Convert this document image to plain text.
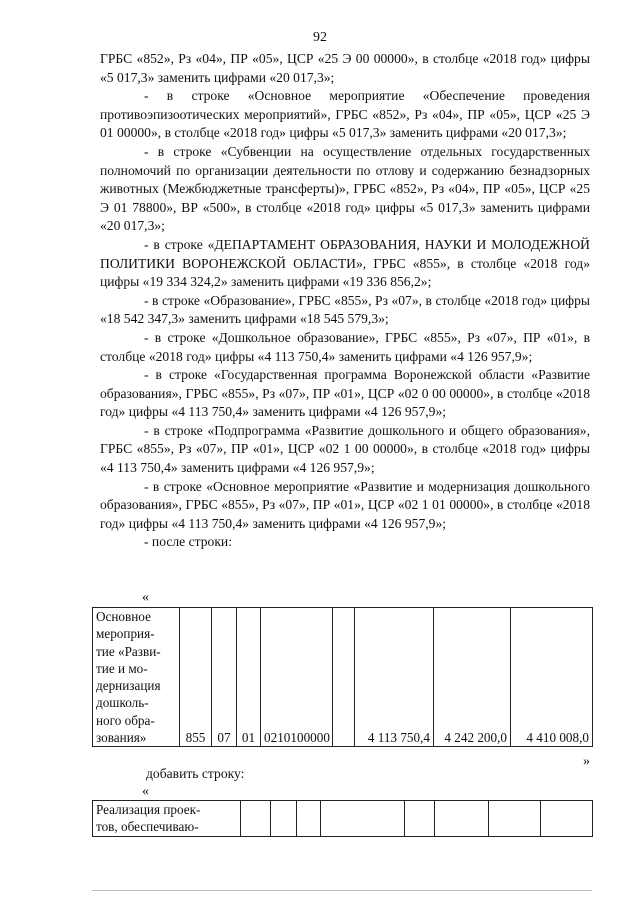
92

ГРБС «852», Рз «04», ПР «05», ЦСР «25 Э 00 00000», в столбце «2018 год» цифры «5 017,3» заменить цифрами «20 017,3»;

- в строке «Основное мероприятие «Обеспечение проведения противоэпизоотических мероприятий», ГРБС «852», Рз «04», ПР «05», ЦСР «25 Э 01 00000», в столбце «2018 год» цифры «5 017,3» заменить цифрами «20 017,3»;

- в строке «Субвенции на осуществление отдельных государственных полномочий по организации деятельности по отлову и содержанию безнадзорных животных (Межбюджетные трансферты)», ГРБС «852», Рз «04», ПР «05», ЦСР «25 Э 01 78800», ВР «500», в столбце «2018 год» цифры «5 017,3» заменить цифрами «20 017,3»;

- в строке «ДЕПАРТАМЕНТ ОБРАЗОВАНИЯ, НАУКИ И МОЛОДЕЖНОЙ ПОЛИТИКИ ВОРОНЕЖСКОЙ ОБЛАСТИ», ГРБС «855», в столбце «2018 год» цифры «19 334 324,2» заменить цифрами «19 336 856,2»;

- в строке «Образование», ГРБС «855», Рз «07», в столбце «2018 год» цифры «18 542 347,3» заменить цифрами «18 545 579,3»;

- в строке «Дошкольное образование», ГРБС «855», Рз «07», ПР «01», в столбце «2018 год» цифры «4 113 750,4» заменить цифрами «4 126 957,9»;

- в строке «Государственная программа Воронежской области «Развитие образования», ГРБС «855», Рз «07», ПР «01», ЦСР «02 0 00 00000», в столбце «2018 год» цифры «4 113 750,4» заменить цифрами «4 126 957,9»;

- в строке «Подпрограмма «Развитие дошкольного и общего образования», ГРБС «855», Рз «07», ПР «01», ЦСР «02 1 00 00000», в столбце «2018 год» цифры «4 113 750,4» заменить цифрами «4 126 957,9»;

- в строке «Основное мероприятие «Развитие и модернизация дошкольного образования», ГРБС «855», Рз «07», ПР «01», ЦСР «02 1 01 00000», в столбце «2018 год» цифры «4 113 750,4» заменить цифрами «4 126 957,9»;

- после строки:

«
Основное
мероприя-
тие «Разви-
тие и мо-
дернизация
дошколь-
ного обра-
зования»	855	07	01	0210100000		4 113 750,4	4 242 200,0	4 410 008,0
»
добавить строку:
«
Реализация проек-
тов, обеспечиваю-								
